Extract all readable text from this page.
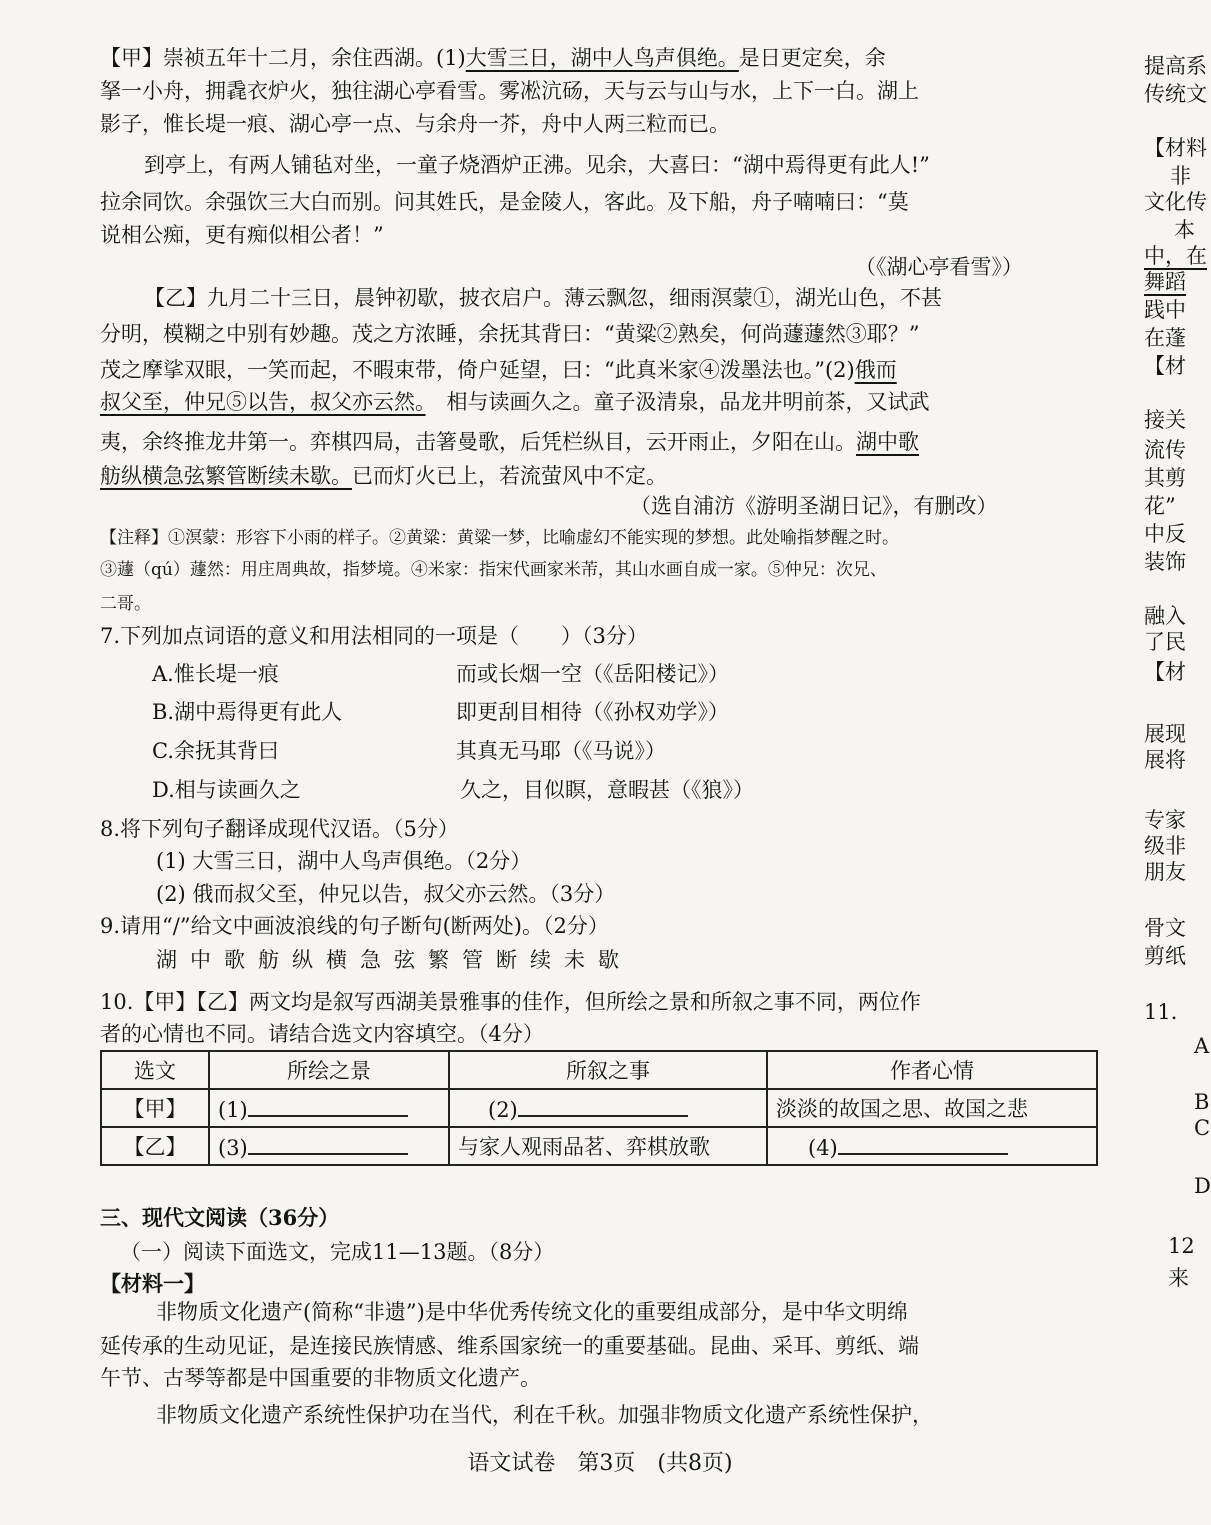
【甲】崇祯五年十二月，余住西湖。(1)大雪三日，湖中人鸟声俱绝。是日更定矣，余
拏一小舟，拥毳衣炉火，独往湖心亭看雪。雾凇沆砀，天与云与山与水，上下一白。湖上
影子，惟长堤一痕、湖心亭一点、与余舟一芥，舟中人两三粒而已。
到亭上，有两人铺毡对坐，一童子烧酒炉正沸。见余，大喜曰：“湖中焉得更有此人!”
拉余同饮。余强饮三大白而别。问其姓氏，是金陵人，客此。及下船，舟子喃喃曰：“莫
说相公痴，更有痴似相公者！”
（《湖心亭看雪》）
【乙】九月二十三日，晨钟初歇，披衣启户。薄云飘忽，细雨溟蒙①，湖光山色，不甚
分明，模糊之中别有妙趣。茂之方浓睡，余抚其背曰：“黄粱②熟矣，何尚蘧蘧然③耶？”
茂之摩挲双眼，一笑而起，不暇束带，倚户延望，曰：“此真米家④泼墨法也。”(2)俄而
叔父至，仲兄⑤以告，叔父亦云然。　 相与读画久之。童子汲清泉，品龙井明前茶，又试武
夷，余终推龙井第一。弈棋四局，击箸曼歌，后凭栏纵目，云开雨止，夕阳在山。湖中歌
舫纵横急弦繁管断续未歇。已而灯火已上，若流萤风中不定。
（选自浦汸《游明圣湖日记》，有删改）
【注释】①溟蒙：形容下小雨的样子。②黄粱：黄粱一梦，比喻虚幻不能实现的梦想。此处喻指梦醒之时。
③蘧（qú）蘧然：用庄周典故，指梦境。④米家：指宋代画家米芾，其山水画自成一家。⑤仲兄：次兄、
二哥。
7.下列加点词语的意义和用法相同的一项是（　　）（3分）
A.惟长堤一痕	而或长烟一空（《岳阳楼记》）
B.湖中焉得更有此人	即更刮目相待（《孙权劝学》）
C.余抚其背曰	其真无马耶（《马说》）
D.相与读画久之	久之，目似瞑，意暇甚（《狼》）
8.将下列句子翻译成现代汉语。（5分）
(1) 大雪三日，湖中人鸟声俱绝。（2分）
(2) 俄而叔父至，仲兄以告，叔父亦云然。（3分）
9.请用“/”给文中画波浪线的句子断句(断两处)。（2分）
湖中歌舫纵横急弦繁管断续未歇
10.【甲】【乙】两文均是叙写西湖美景雅事的佳作，但所绘之景和所叙之事不同，两位作
者的心情也不同。请结合选文内容填空。（4分）
选文	所绘之景	所叙之事	作者心情
【甲】	(1)	(2)	淡淡的故国之思、故国之悲
【乙】	(3)	与家人观雨品茗、弈棋放歌	(4)
三、现代文阅读（36分）
（一）阅读下面选文，完成11—13题。（8分）
【材料一】
非物质文化遗产(简称“非遗”)是中华优秀传统文化的重要组成部分，是中华文明绵
延传承的生动见证，是连接民族情感、维系国家统一的重要基础。昆曲、采耳、剪纸、端
午节、古琴等都是中国重要的非物质文化遗产。
非物质文化遗产系统性保护功在当代，利在千秋。加强非物质文化遗产系统性保护，
提高系
传统文
【材料
非
文化传
本
中，在
舞蹈
践中
在蓬
【材
接关
流传
其剪
花”
中反
装饰
融入
了民
【材
展现
展将
专家
级非
朋友
骨文
剪纸
11.
A
B
C
D
12
来
语文试卷　第3页　(共8页)
